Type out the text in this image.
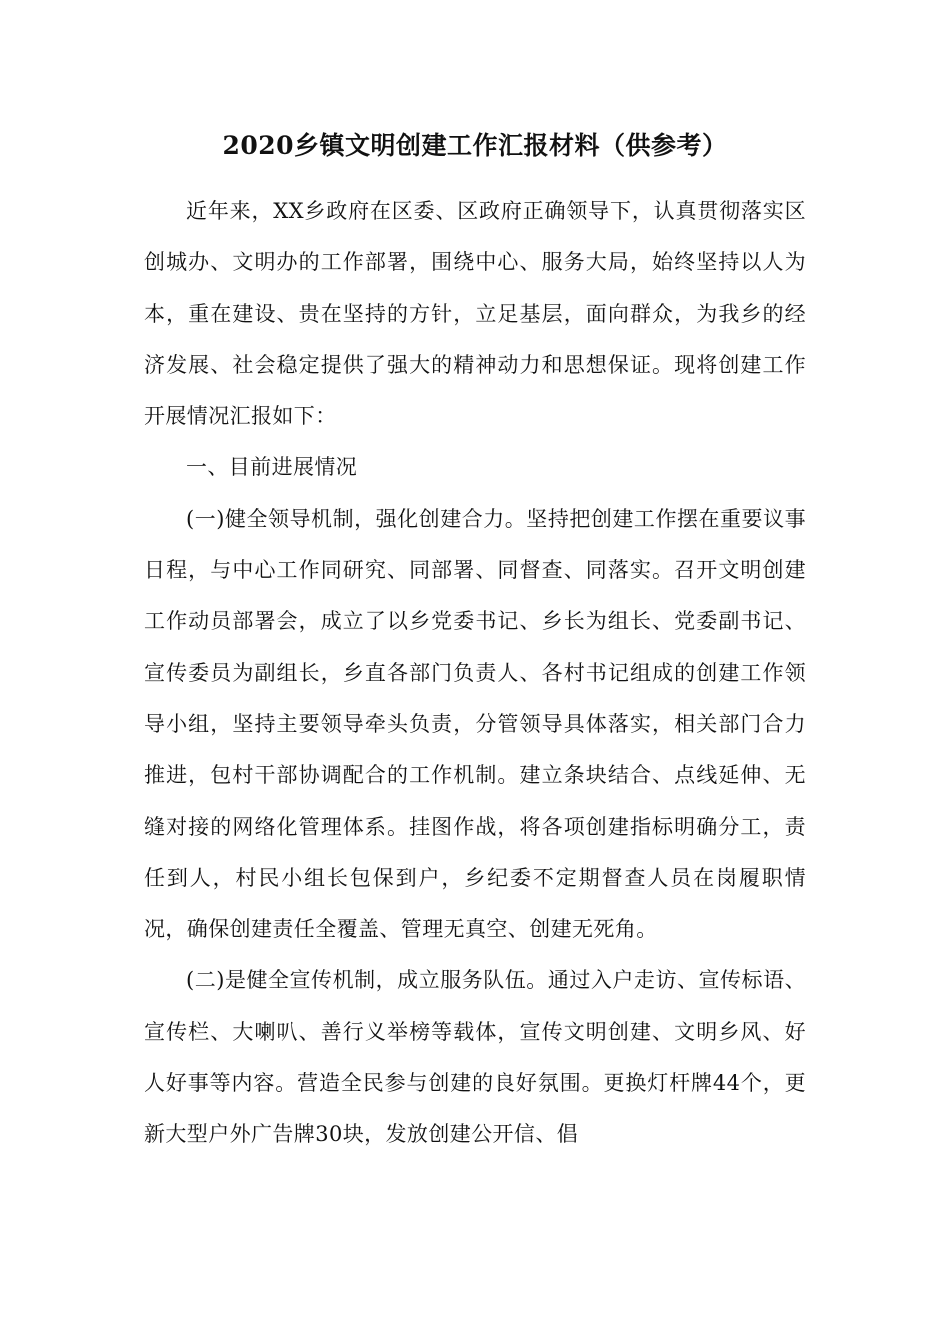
2020乡镇文明创建工作汇报材料（供参考）

近年来，XX乡政府在区委、区政府正确领导下，认真贯彻落实区创城办、文明办的工作部署，围绕中心、服务大局，始终坚持以人为本，重在建设、贵在坚持的方针，立足基层，面向群众，为我乡的经济发展、社会稳定提供了强大的精神动力和思想保证。现将创建工作开展情况汇报如下：

一、目前进展情况

(一)健全领导机制，强化创建合力。坚持把创建工作摆在重要议事日程，与中心工作同研究、同部署、同督查、同落实。召开文明创建工作动员部署会，成立了以乡党委书记、乡长为组长、党委副书记、宣传委员为副组长，乡直各部门负责人、各村书记组成的创建工作领导小组，坚持主要领导牵头负责，分管领导具体落实，相关部门合力推进，包村干部协调配合的工作机制。建立条块结合、点线延伸、无缝对接的网络化管理体系。挂图作战，将各项创建指标明确分工，责任到人，村民小组长包保到户，乡纪委不定期督查人员在岗履职情况，确保创建责任全覆盖、管理无真空、创建无死角。

(二)是健全宣传机制，成立服务队伍。通过入户走访、宣传标语、宣传栏、大喇叭、善行义举榜等载体，宣传文明创建、文明乡风、好人好事等内容。营造全民参与创建的良好氛围。更换灯杆牌44个，更新大型户外广告牌30块，发放创建公开信、倡
